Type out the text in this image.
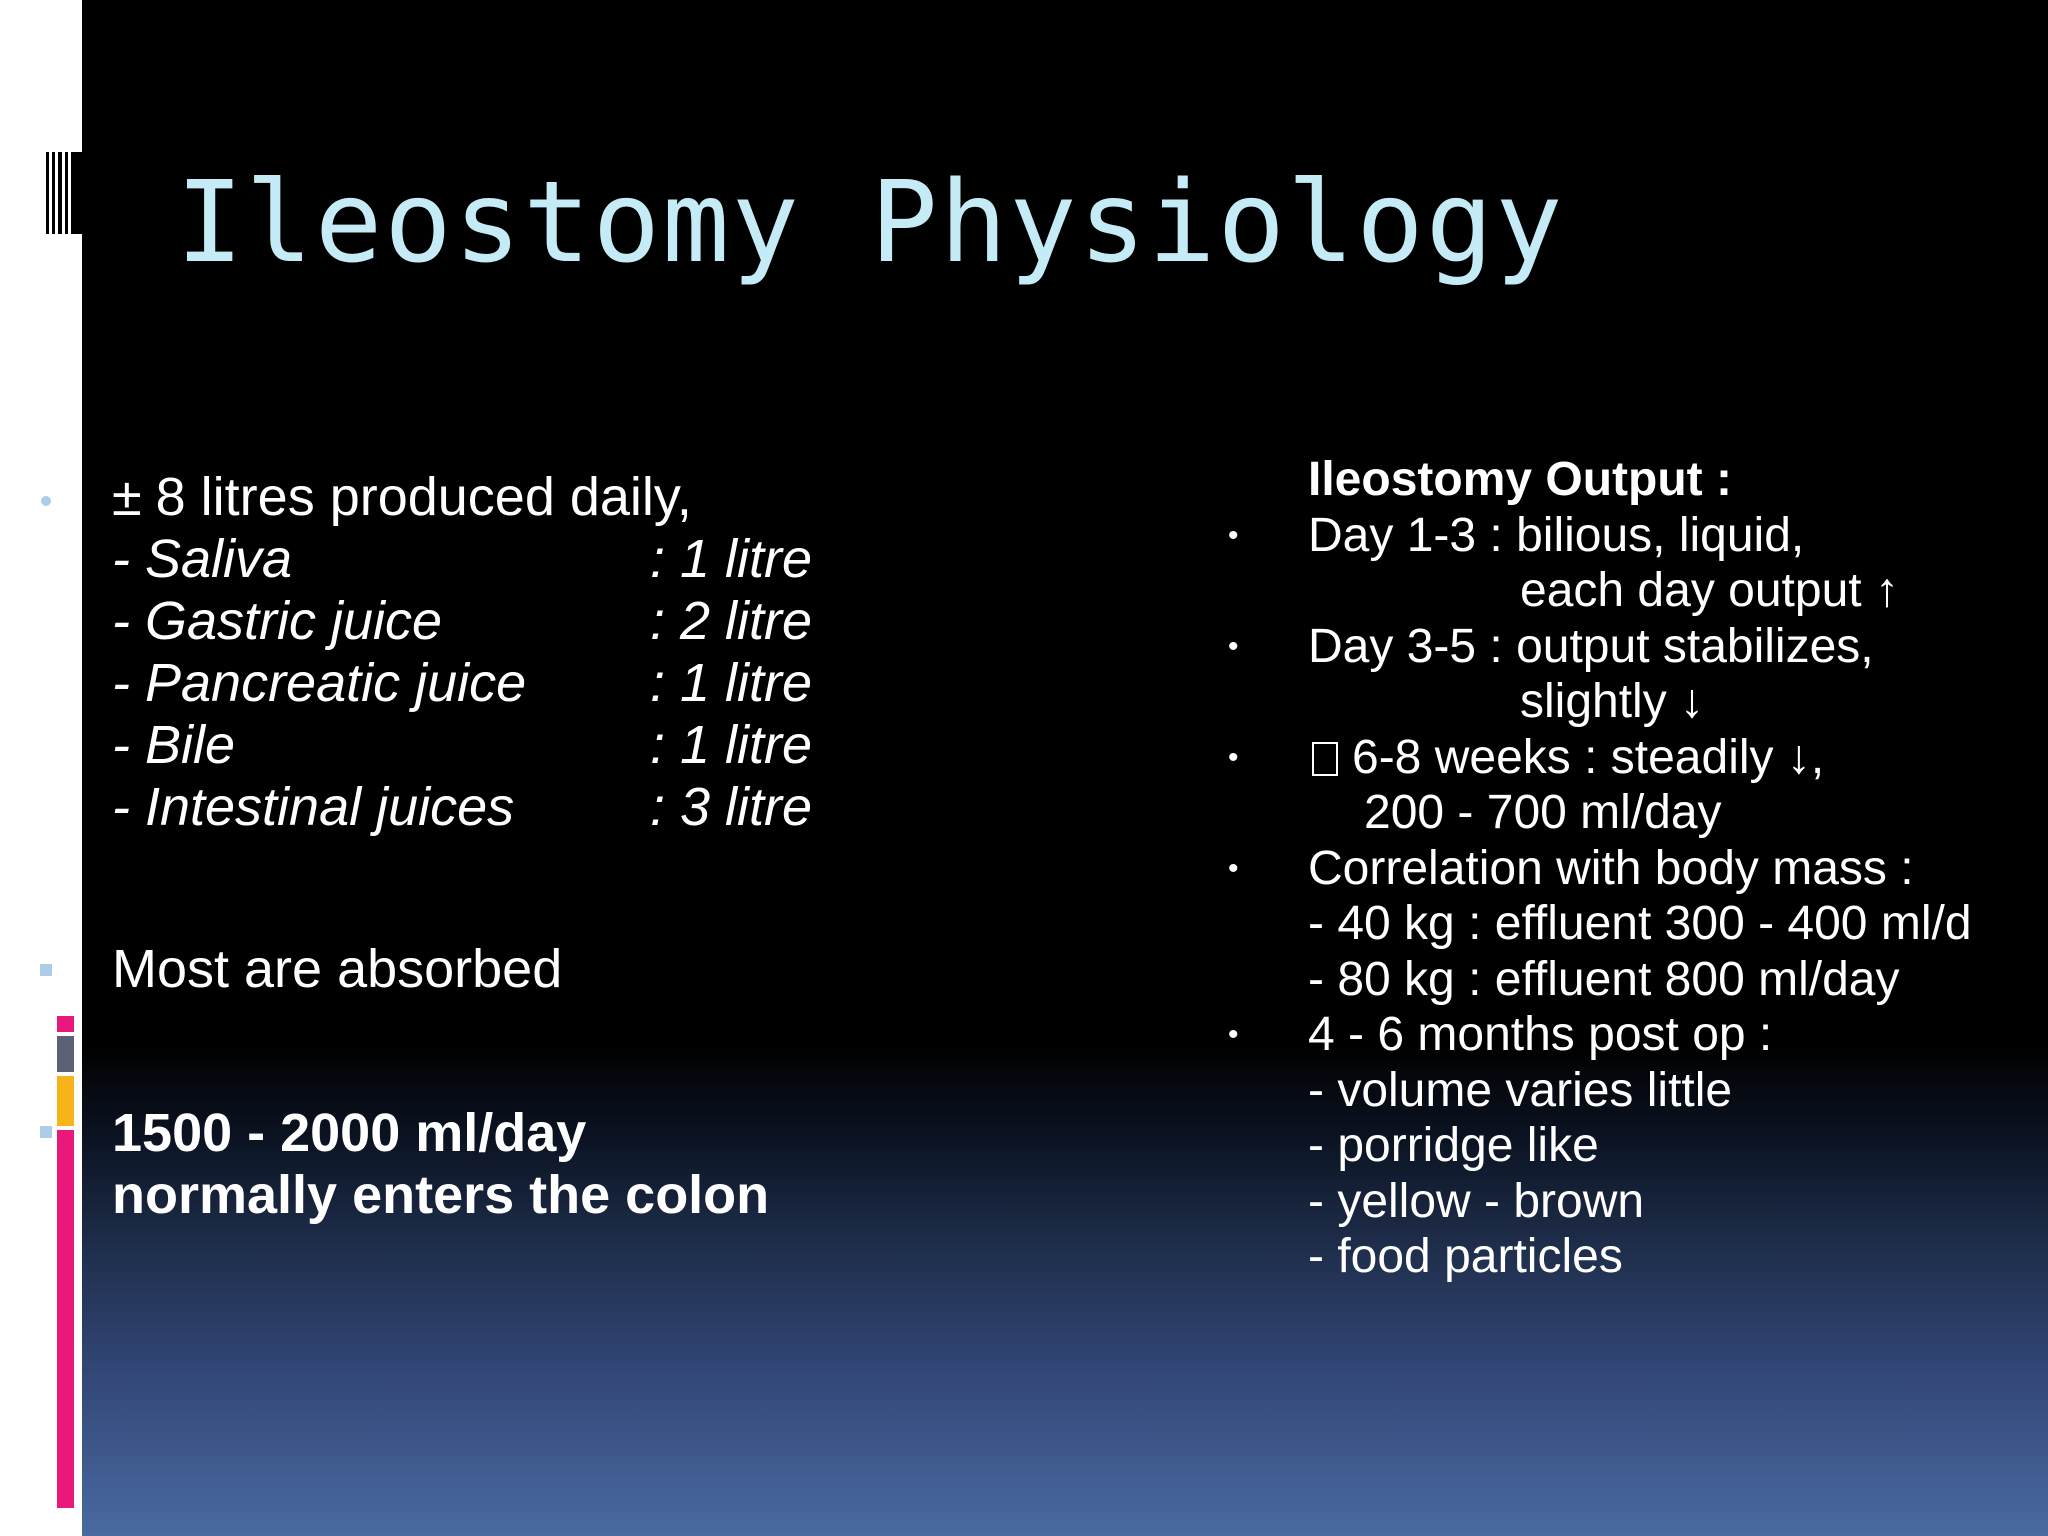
Ileostomy Physiology
± 8 litres produced daily,
- Saliva	: 1 litre
- Gastric juice	: 2 litre
- Pancreatic juice : 1 litre
- Bile	: 1 litre
- Intestinal juices	: 3 litre
Most are absorbed
1500 - 2000 ml/day
normally enters the colon
Ileostomy Output :
• Day 1-3 : bilious, liquid,
each day output ↑
• Day 3-5 : output stabilizes,
slightly ↓
•	6-8 weeks : steadily ↓,
200 - 700 ml/day
• Correlation with body mass :
- 40 kg : effluent 300 - 400 ml/d
- 80 kg : effluent 800 ml/day
• 4 - 6 months post op :
- volume varies little
- porridge like
- yellow - brown
- food particles
